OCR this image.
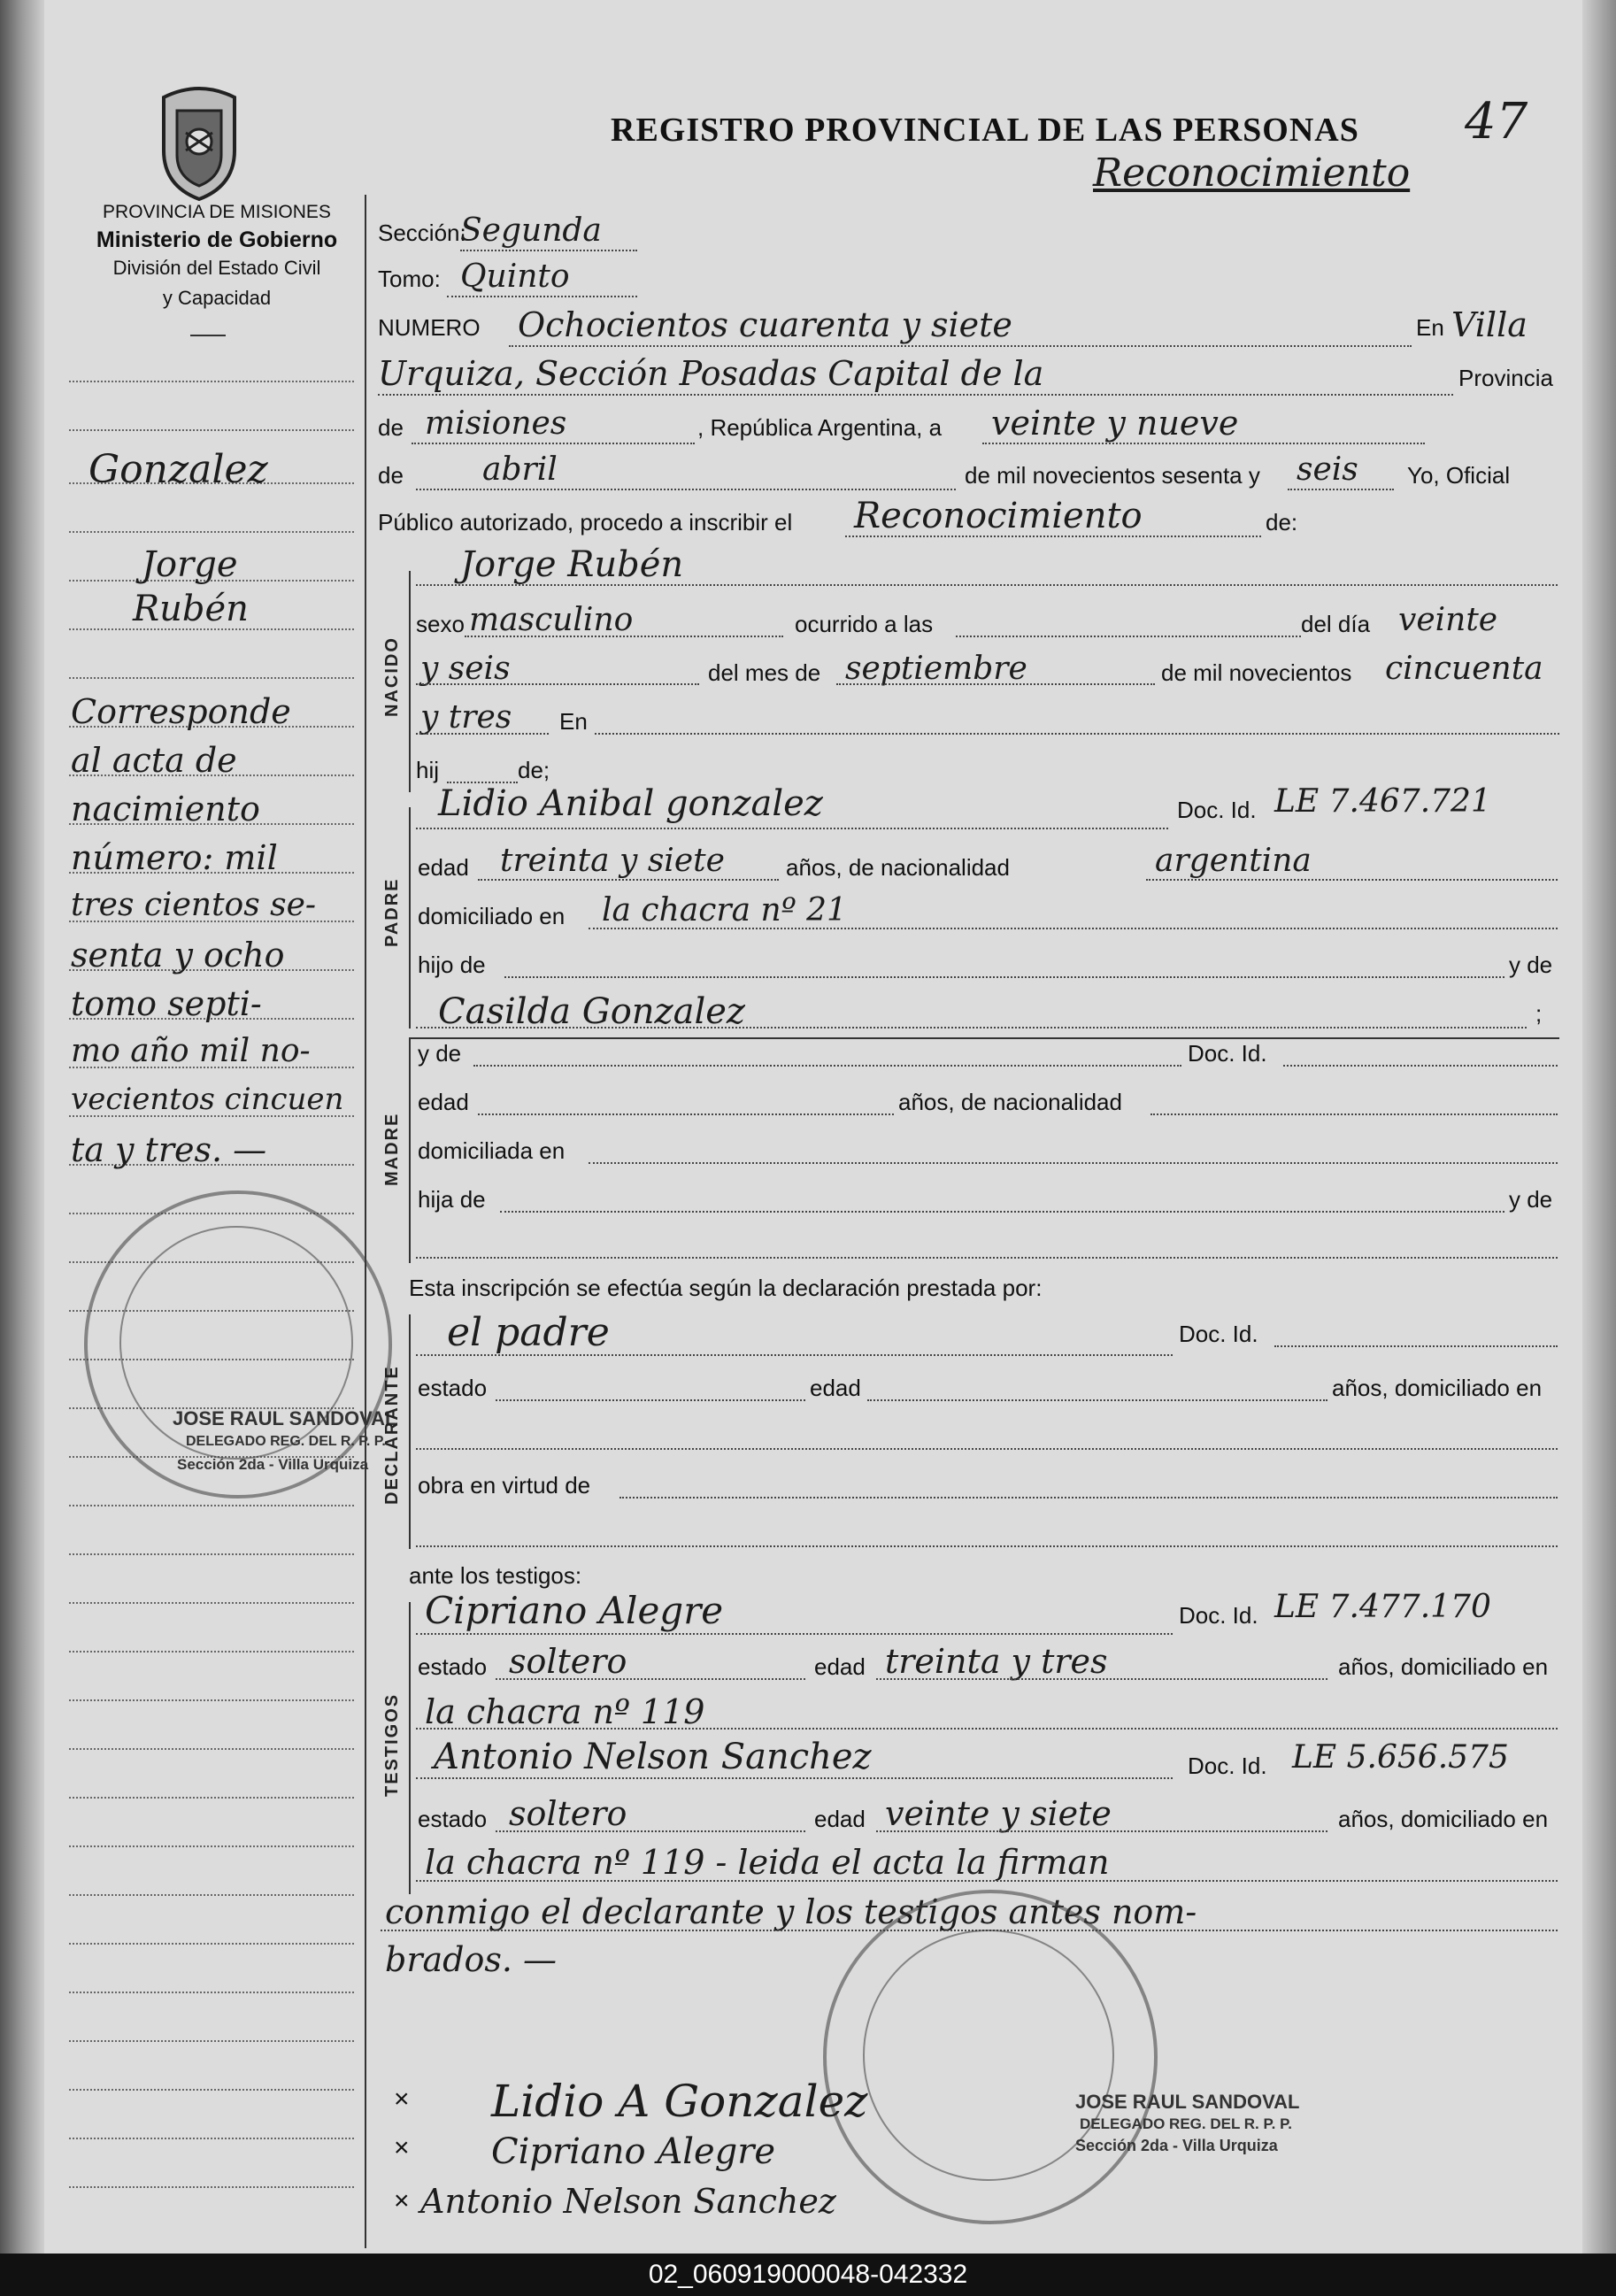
PROVINCIA DE MISIONES
Ministerio de Gobierno
División del Estado Civil
y Capacidad
REGISTRO PROVINCIAL DE LAS PERSONAS 47
Reconocimiento
Gonzalez
Jorge
Rubén
Corresponde
al acta de
nacimiento
número: mil
tres cientos se-
senta y ocho
tomo septi-
mo año mil no-
vecientos cincuen
ta y tres. —
JOSE RAUL SANDOVAL
DELEGADO REG. DEL R. P. P.
Sección 2da - Villa Urquiza
Sección:
Segunda
Tomo: Quinto
NUMERO Ochocientos cuarenta y siete	En Villa
Urquiza, Sección Posadas Capital de la	Provincia
de misiones	, República Argentina, a veinte y nueve
de abril	de mil novecientos sesenta y seis Yo, Oficial
Público autorizado, procedo a inscribir el Reconocimiento	de:
Jorge Rubén
NACIDO
sexo masculino	ocurrido a las	del día veinte
y seis	del mes de septiembre	de mil novecientos cincuenta
y tres En
hij	de;
PADRE
Lidio Anibal gonzalez	Doc. Id. LE 7.467.721
edad treinta y siete	años, de nacionalidad	argentina
domiciliado en la chacra nº 21
hijo de	y de
Casilda Gonzalez	;
MADRE
y de	Doc. Id.
edad	años, de nacionalidad
domiciliada en
hija de	y de
Esta inscripción se efectúa según la declaración prestada por:
DECLARANTE
el padre	Doc. Id.
estado	edad	años, domiciliado en
obra en virtud de
ante los testigos:
TESTIGOS
Cipriano Alegre	Doc. Id. LE 7.477.170
estado soltero	edad treinta y tres	años, domiciliado en
la chacra nº 119
Antonio Nelson Sanchez	Doc. Id. LE 5.656.575
estado soltero	edad veinte y siete	años, domiciliado en
la chacra nº 119 - leida el acta la firman
conmigo el declarante y los testigos antes nom-
brados. —
JOSE RAUL SANDOVAL
DELEGADO REG. DEL R. P. P.
Sección 2da - Villa Urquiza
×
×
×
Lidio A Gonzalez
Cipriano Alegre
Antonio Nelson Sanchez
02_060919000048-042332
